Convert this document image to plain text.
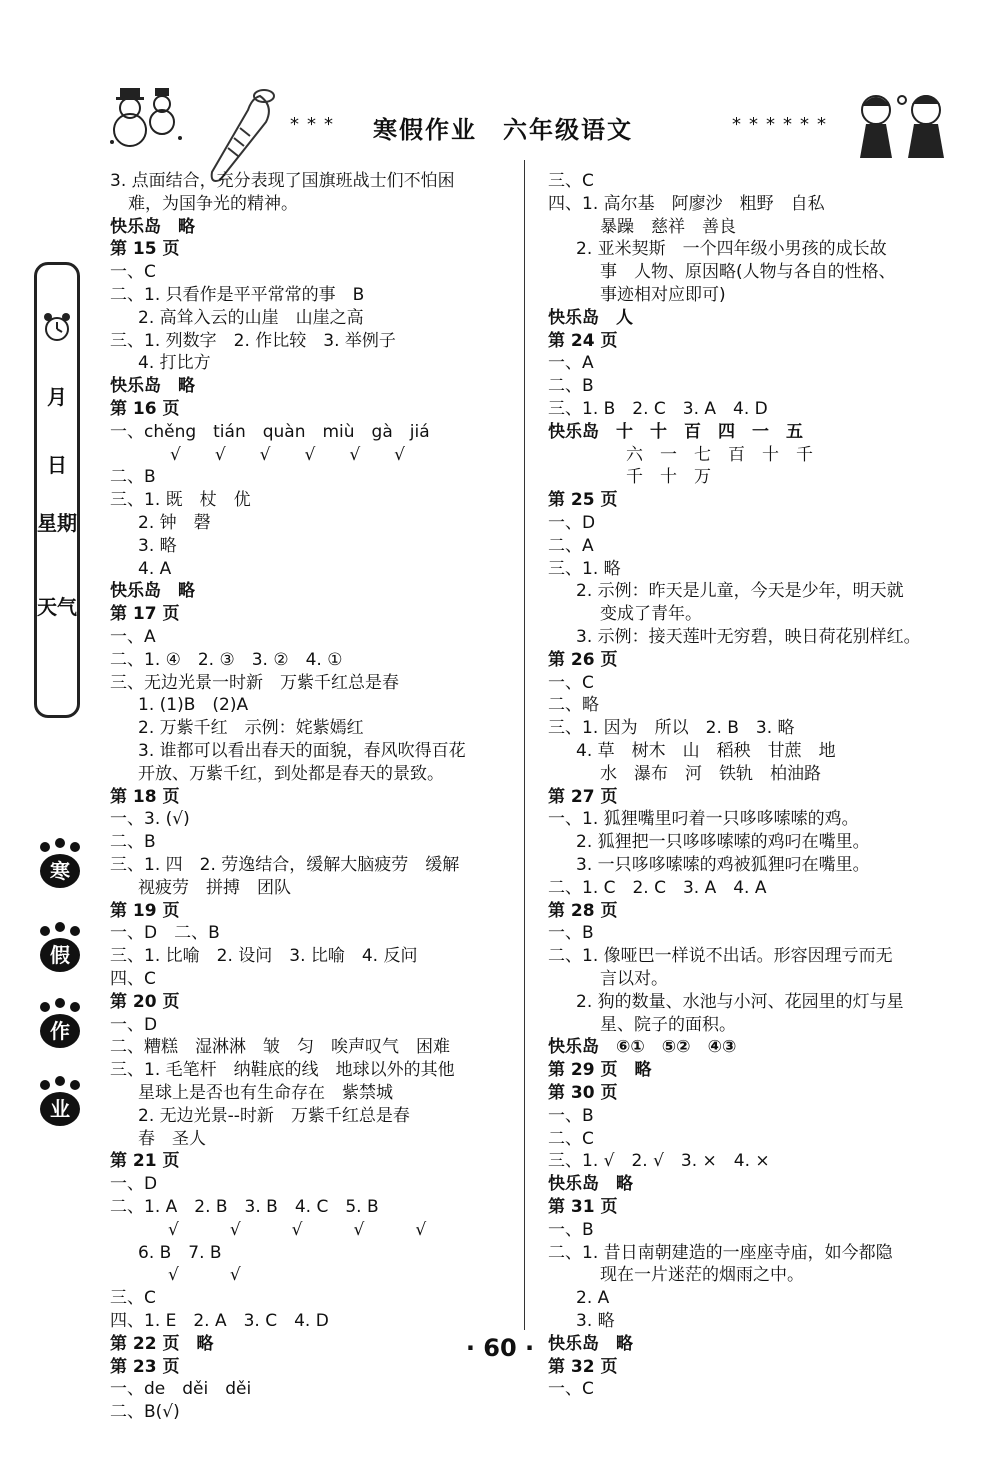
*** 寒假作业　六年级语文	******
月
日
星期
天气
寒
假
作
业
3. 点面结合，充分表现了国旗班战士们不怕困
难，为国争光的精神。
快乐岛　略
第 15 页
一、C
二、1. 只看作是平平常常的事　B
2. 高耸入云的山崖　山崖之高
三、1. 列数字　2. 作比较　3. 举例子
4. 打比方
快乐岛　略
第 16 页
一、chěng　tián　quàn　miù　gà　jiá
√　　√　　√　　√　　√　　√
二、B
三、1. 既　杖　优
2. 钟　磬
3. 略
4. A
快乐岛　略
第 17 页
一、A
二、1. ④　2. ③　3. ②　4. ①
三、无边光景一时新　万紫千红总是春
1. (1)B　(2)A
2. 万紫千红　示例：姹紫嫣红
3. 谁都可以看出春天的面貌，春风吹得百花
开放、万紫千红，到处都是春天的景致。
第 18 页
一、3. (√)
二、B
三、1. 四　2. 劳逸结合，缓解大脑疲劳　缓解
视疲劳　拼搏　团队
第 19 页
一、D　二、B
三、1. 比喻　2. 设问　3. 比喻　4. 反问
四、C
第 20 页
一、D
二、糟糕　湿淋淋　皱　匀　唉声叹气　困难
三、1. 毛笔杆　纳鞋底的线　地球以外的其他
星球上是否也有生命存在　紫禁城
2. 无边光景--时新　万紫千红总是春
春　圣人
第 21 页
一、D
二、1. A　2. B　3. B　4. C　5. B
√　　　√　　　√　　　√　　　√
6. B　7. B
√　　　√
三、C
四、1. E　2. A　3. C　4. D
第 22 页　略
第 23 页
一、de　děi　děi
二、B(√)
三、C
四、1. 高尔基　阿廖沙　粗野　自私
暴躁　慈祥　善良
2. 亚米契斯　一个四年级小男孩的成长故
事　人物、原因略(人物与各自的性格、
事迹相对应即可)
快乐岛　人
第 24 页
一、A
二、B
三、1. B　2. C　3. A　4. D
快乐岛　十　十　百　四　一　五
六　一　七　百　十　千
千　十　万
第 25 页
一、D
二、A
三、1. 略
2. 示例：昨天是儿童，今天是少年，明天就
变成了青年。
3. 示例：接天莲叶无穷碧，映日荷花别样红。
第 26 页
一、C
二、略
三、1. 因为　所以　2. B　3. 略
4. 草　树木　山　稻秧　甘蔗　地
水　瀑布　河　铁轨　柏油路
第 27 页
一、1. 狐狸嘴里叼着一只哆哆嗦嗦的鸡。
2. 狐狸把一只哆哆嗦嗦的鸡叼在嘴里。
3. 一只哆哆嗦嗦的鸡被狐狸叼在嘴里。
二、1. C　2. C　3. A　4. A
第 28 页
一、B
二、1. 像哑巴一样说不出话。形容因理亏而无
言以对。
2. 狗的数量、水池与小河、花园里的灯与星
星、院子的面积。
快乐岛　⑥①　⑤②　④③
第 29 页　略
第 30 页
一、B
二、C
三、1. √　2. √　3. ×　4. ×
快乐岛　略
第 31 页
一、B
二、1. 昔日南朝建造的一座座寺庙，如今都隐
现在一片迷茫的烟雨之中。
2. A
3. 略
快乐岛　略
第 32 页
一、C
· 60 ·
